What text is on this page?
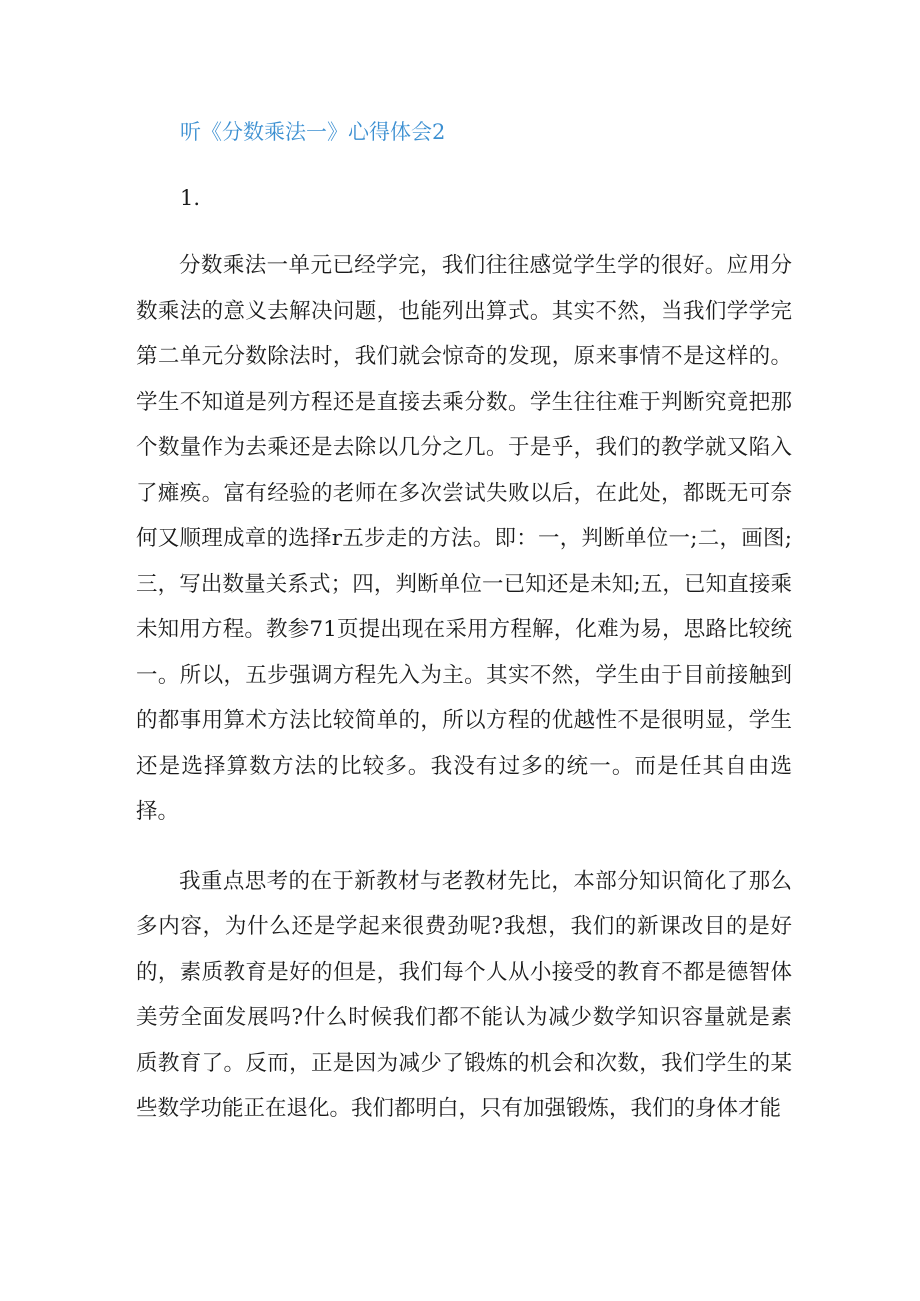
听《分数乘法一》心得体会2
1.

分数乘法一单元已经学完，我们往往感觉学生学的很好。应用分数乘法的意义去解决问题，也能列出算式。其实不然，当我们学学完第二单元分数除法时，我们就会惊奇的发现，原来事情不是这样的。学生不知道是列方程还是直接去乘分数。学生往往难于判断究竟把那个数量作为去乘还是去除以几分之几。于是乎，我们的教学就又陷入了瘫痪。富有经验的老师在多次尝试失败以后，在此处，都既无可奈何又顺理成章的选择r五步走的方法。即：一，判断单位一;二，画图;三，写出数量关系式；四，判断单位一已知还是未知;五，已知直接乘未知用方程。教参71页提出现在采用方程解，化难为易，思路比较统一。所以，五步强调方程先入为主。其实不然，学生由于目前接触到的都事用算术方法比较简单的，所以方程的优越性不是很明显，学生还是选择算数方法的比较多。我没有过多的统一。而是任其自由选择。

我重点思考的在于新教材与老教材先比，本部分知识简化了那么多内容，为什么还是学起来很费劲呢?我想，我们的新课改目的是好的，素质教育是好的但是，我们每个人从小接受的教育不都是德智体美劳全面发展吗?什么时候我们都不能认为减少数学知识容量就是素质教育了。反而，正是因为减少了锻炼的机会和次数，我们学生的某些数学功能正在退化。我们都明白，只有加强锻炼，我们的身体才能
